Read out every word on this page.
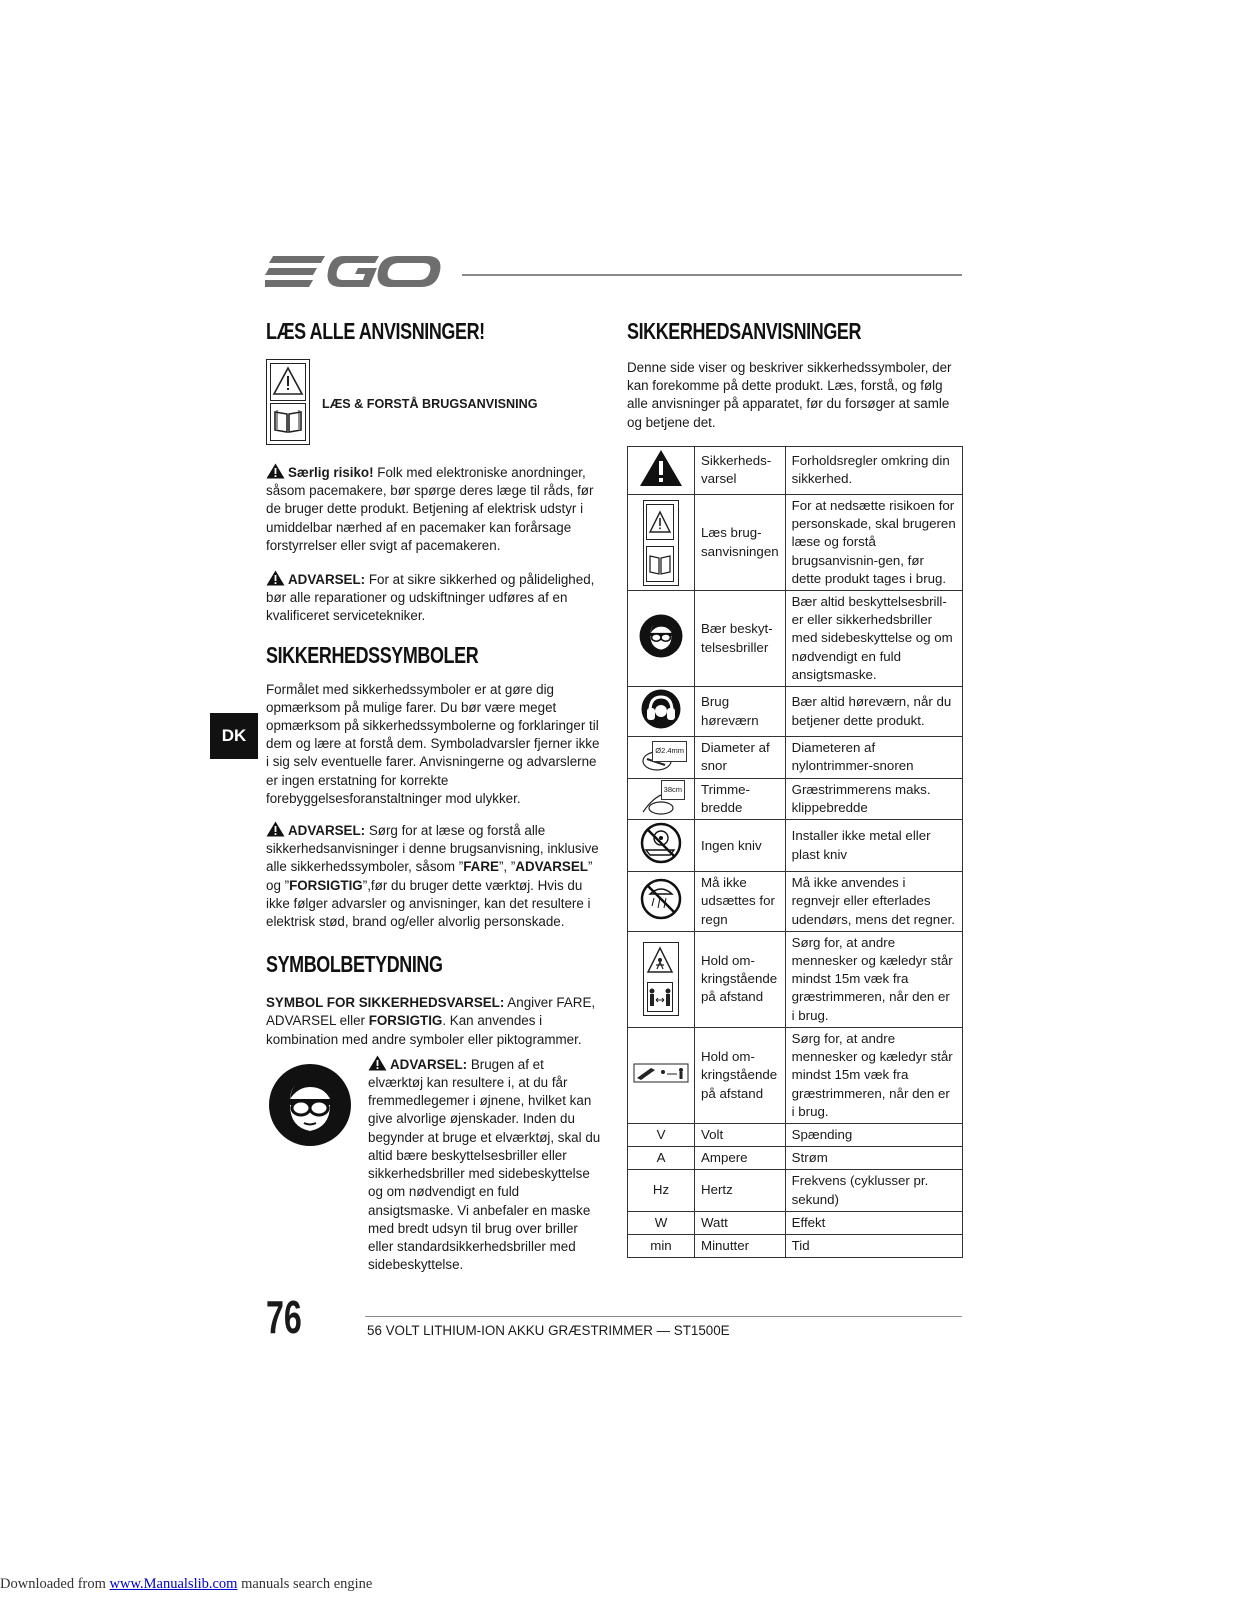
LÆS ALLE ANVISNINGER!
LÆS & FORSTÅ BRUGSANVISNING

Særlig risiko! Folk med elektroniske anordninger, såsom pacemakere, bør spørge deres læge til råds, før de bruger dette produkt. Betjening af elektrisk udstyr i umiddelbar nærhed af en pacemaker kan forårsage forstyrrelser eller svigt af pacemakeren.

ADVARSEL: For at sikre sikkerhed og pålidelighed, bør alle reparationer og udskiftninger udføres af en kvalificeret servicetekniker.

SIKKERHEDSSYMBOLER

Formålet med sikkerhedssymboler er at gøre dig opmærksom på mulige farer. Du bør være meget opmærksom på sikkerhedssymbolerne og forklaringer til dem og lære at forstå dem. Symboladvarsler fjerner ikke i sig selv eventuelle farer. Anvisningerne og advarslerne er ingen erstatning for korrekte forebyggelsesforanstaltninger mod ulykker.

ADVARSEL: Sørg for at læse og forstå alle sikkerhedsanvisninger i denne brugsanvisning, inklusive alle sikkerhedssymboler, såsom ”FARE”, ”ADVARSEL” og ”FORSIGTIG”,før du bruger dette værktøj. Hvis du ikke følger advarsler og anvisninger, kan det resultere i elektrisk stød, brand og/eller alvorlig personskade.

SYMBOLBETYDNING

SYMBOL FOR SIKKERHEDSVARSEL: Angiver FARE, ADVARSEL eller FORSIGTIG. Kan anvendes i kombination med andre symboler eller piktogrammer.

ADVARSEL: Brugen af et elværktøj kan resultere i, at du får fremmedlegemer i øjnene, hvilket kan give alvorlige øjenskader. Inden du begynder at bruge et elværktøj, skal du altid bære beskyttelsesbriller eller sikkerhedsbriller med sidebeskyttelse og om nødvendigt en fuld ansigtsmaske. Vi anbefaler en maske med bredt udsyn til brug over briller eller standardsikkerhedsbriller med sidebeskyttelse.

DK
SIKKERHEDSANVISNINGER

Denne side viser og beskriver sikkerhedssymboler, der kan forekomme på dette produkt. Læs, forstå, og følg alle anvisninger på apparatet, før du forsøger at samle og betjene det.

	Sikkerheds-varsel	Forholdsregler omkring din sikkerhed.

	Læs brug-sanvisningen	For at nedsætte risikoen for personskade, skal brugeren læse og forstå brugsanvisnin-gen, før dette produkt tages i brug.
	Bær beskyt-telsesbriller	Bær altid beskyttelsesbrill-er eller sikkerhedsbriller med sidebeskyttelse og om nødvendigt en fuld ansigtsmaske.
	Brug høreværn	Bær altid høreværn, når du betjener dette produkt.

Ø2.4mm	Diameter af snor	Diameteren af nylontrimmer-snoren

38cm	Trimme-bredde	Græstrimmerens maks. klippebredde
	Ingen kniv	Installer ikke metal eller plast kniv
	Må ikke udsættes for regn	Må ikke anvendes i regnvejr eller efterlades udendørs, mens det regner.

	Hold om-kringstående på afstand	Sørg for, at andre mennesker og kæledyr står mindst 15m væk fra græstrimmeren, når den er i brug.
	Hold om-kringstående på afstand	Sørg for, at andre mennesker og kæledyr står mindst 15m væk fra græstrimmeren, når den er i brug.
V	Volt	Spænding
A	Ampere	Strøm
Hz	Hertz	Frekvens (cyklusser pr. sekund)
W	Watt	Effekt
min	Minutter	Tid
76	56 VOLT LITHIUM-ION AKKU GRÆSTRIMMER — ST1500E
Downloaded from www.Manualslib.com manuals search engine
